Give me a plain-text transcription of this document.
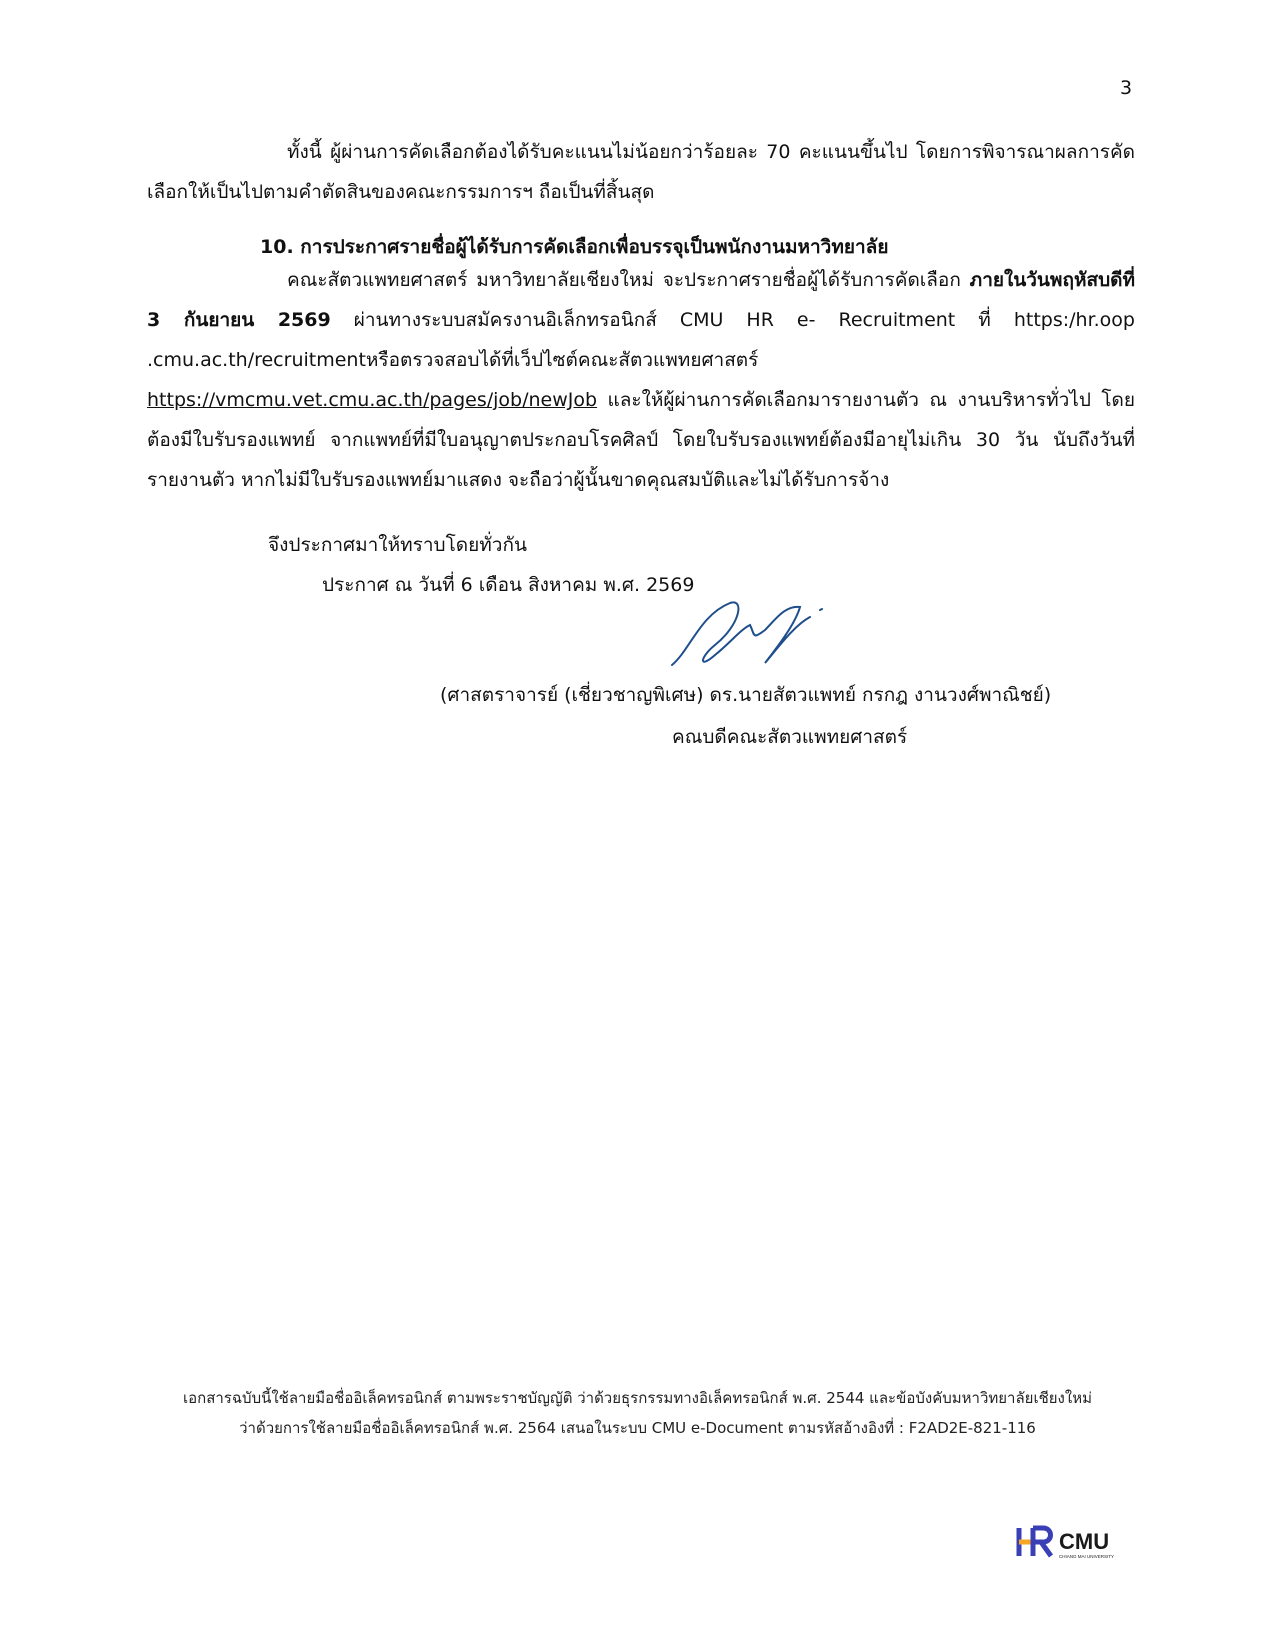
3
ทั้งนี้ ผู้ผ่านการคัดเลือกต้องได้รับคะแนนไม่น้อยกว่าร้อยละ 70 คะแนนขึ้นไป โดยการพิจารณาผลการคัดเลือกให้เป็นไปตามคำตัดสินของคณะกรรมการฯ ถือเป็นที่สิ้นสุด
10. การประกาศรายชื่อผู้ได้รับการคัดเลือกเพื่อบรรจุเป็นพนักงานมหาวิทยาลัย
คณะสัตวแพทยศาสตร์ มหาวิทยาลัยเชียงใหม่ จะประกาศรายชื่อผู้ได้รับการคัดเลือก ภายในวันพฤหัสบดีที่ 3 กันยายน 2569 ผ่านทางระบบสมัครงานอิเล็กทรอนิกส์ CMU HR e- Recruitment ที่ https:/hr.oop .cmu.ac.th/recruitmentหรือตรวจสอบได้ที่เว็ปไซต์คณะสัตวแพทยศาสตร์ https://vmcmu.vet.cmu.ac.th/pages/job/newJob และให้ผู้ผ่านการคัดเลือกมารายงานตัว ณ งานบริหารทั่วไป โดยต้องมีใบรับรองแพทย์ จากแพทย์ที่มีใบอนุญาตประกอบโรคศิลป์ โดยใบรับรองแพทย์ต้องมีอายุไม่เกิน 30 วัน นับถึงวันที่รายงานตัว หากไม่มีใบรับรองแพทย์มาแสดง จะถือว่าผู้นั้นขาดคุณสมบัติและไม่ได้รับการจ้าง
จึงประกาศมาให้ทราบโดยทั่วกัน
ประกาศ ณ วันที่ 6 เดือน สิงหาคม พ.ศ. 2569
(ศาสตราจารย์ (เชี่ยวชาญพิเศษ) ดร.นายสัตวแพทย์ กรกฎ งานวงศ์พาณิชย์)
คณบดีคณะสัตวแพทยศาสตร์
เอกสารฉบับนี้ใช้ลายมือชื่ออิเล็คทรอนิกส์ ตามพระราชบัญญัติ ว่าด้วยธุรกรรมทางอิเล็คทรอนิกส์ พ.ศ. 2544 และข้อบังคับมหาวิทยาลัยเชียงใหม่
ว่าด้วยการใช้ลายมือชื่ออิเล็คทรอนิกส์ พ.ศ. 2564 เสนอในระบบ CMU e-Document ตามรหัสอ้างอิงที่ : F2AD2E-821-116
CMU
CHIANG MAI UNIVERSITY
